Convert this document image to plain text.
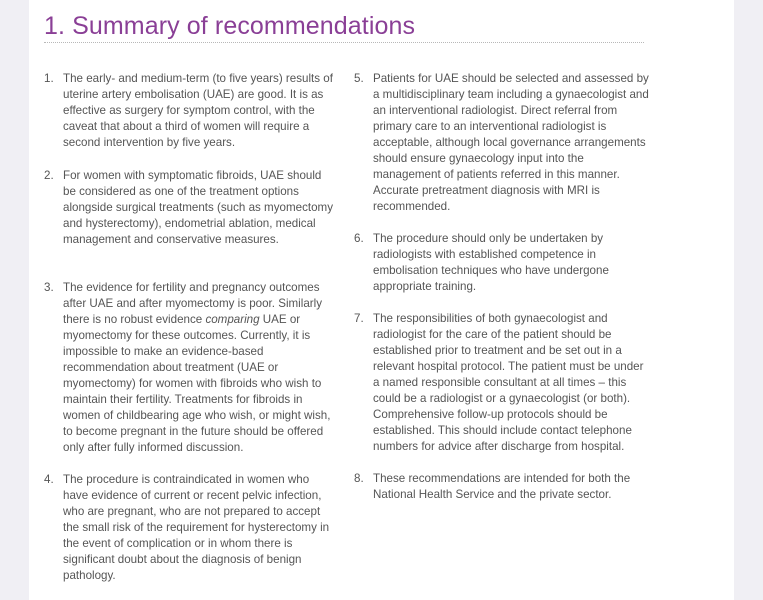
1. Summary of recommendations
1. The early- and medium-term (to five years) results of uterine artery embolisation (UAE) are good. It is as effective as surgery for symptom control, with the caveat that about a third of women will require a second intervention by five years.
2. For women with symptomatic fibroids, UAE should be considered as one of the treatment options alongside surgical treatments (such as myomectomy and hysterectomy), endometrial ablation, medical management and conservative measures.
3. The evidence for fertility and pregnancy outcomes after UAE and after myomectomy is poor. Similarly there is no robust evidence comparing UAE or myomectomy for these outcomes. Currently, it is impossible to make an evidence-based recommendation about treatment (UAE or myomectomy) for women with fibroids who wish to maintain their fertility. Treatments for fibroids in women of childbearing age who wish, or might wish, to become pregnant in the future should be offered only after fully informed discussion.
4. The procedure is contraindicated in women who have evidence of current or recent pelvic infection, who are pregnant, who are not prepared to accept the small risk of the requirement for hysterectomy in the event of complication or in whom there is significant doubt about the diagnosis of benign pathology.
5. Patients for UAE should be selected and assessed by a multidisciplinary team including a gynaecologist and an interventional radiologist. Direct referral from primary care to an interventional radiologist is acceptable, although local governance arrangements should ensure gynaecology input into the management of patients referred in this manner. Accurate pretreatment diagnosis with MRI is recommended.
6. The procedure should only be undertaken by radiologists with established competence in embolisation techniques who have undergone appropriate training.
7. The responsibilities of both gynaecologist and radiologist for the care of the patient should be established prior to treatment and be set out in a relevant hospital protocol. The patient must be under a named responsible consultant at all times – this could be a radiologist or a gynaecologist (or both). Comprehensive follow-up protocols should be established. This should include contact telephone numbers for advice after discharge from hospital.
8. These recommendations are intended for both the National Health Service and the private sector.
